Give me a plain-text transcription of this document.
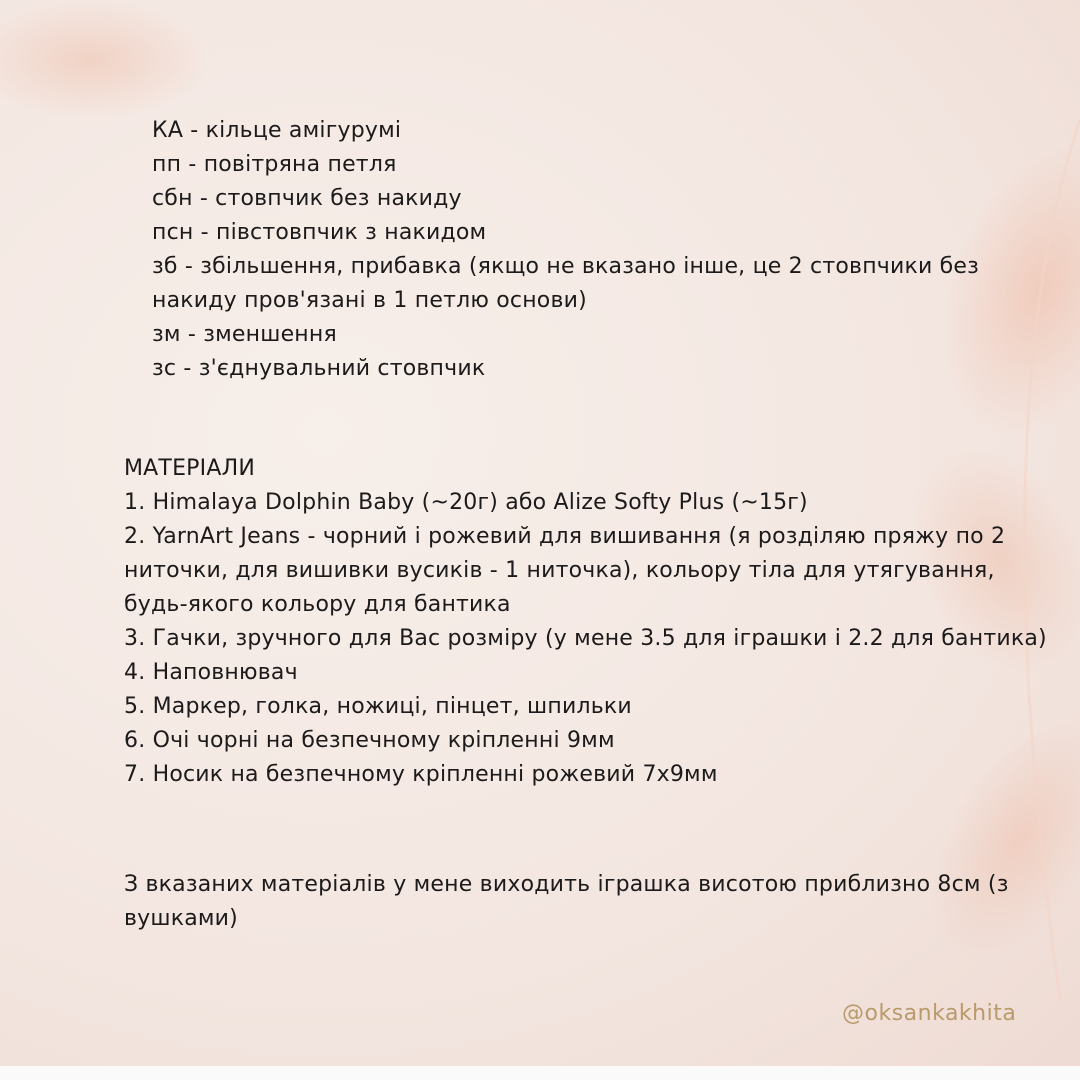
КА - кільце амігурумі
пп - повітряна петля
сбн - стовпчик без накиду
псн - півстовпчик з накидом
зб - збільшення, прибавка (якщо не вказано інше, це 2 стовпчики без накиду пров'язані в 1 петлю основи)
зм - зменшення
зс - з'єднувальний стовпчик
МАТЕРІАЛИ
1. Himalaya Dolphin Baby (~20г) або Alize Softy Plus (~15г)
2. YarnArt Jeans - чорний і рожевий для вишивання (я розділяю пряжу по 2 ниточки, для вишивки вусиків - 1 ниточка), кольору тіла для утягування, будь-якого кольору для бантика
3. Гачки, зручного для Вас розміру (у мене 3.5 для іграшки і 2.2 для бантика)
4. Наповнювач
5. Маркер, голка, ножиці, пінцет, шпильки
6. Очі чорні на безпечному кріпленні 9мм
7. Носик на безпечному кріпленні рожевий 7х9мм
З вказаних матеріалів у мене виходить іграшка висотою приблизно 8см (з вушками)
@oksankakhita
